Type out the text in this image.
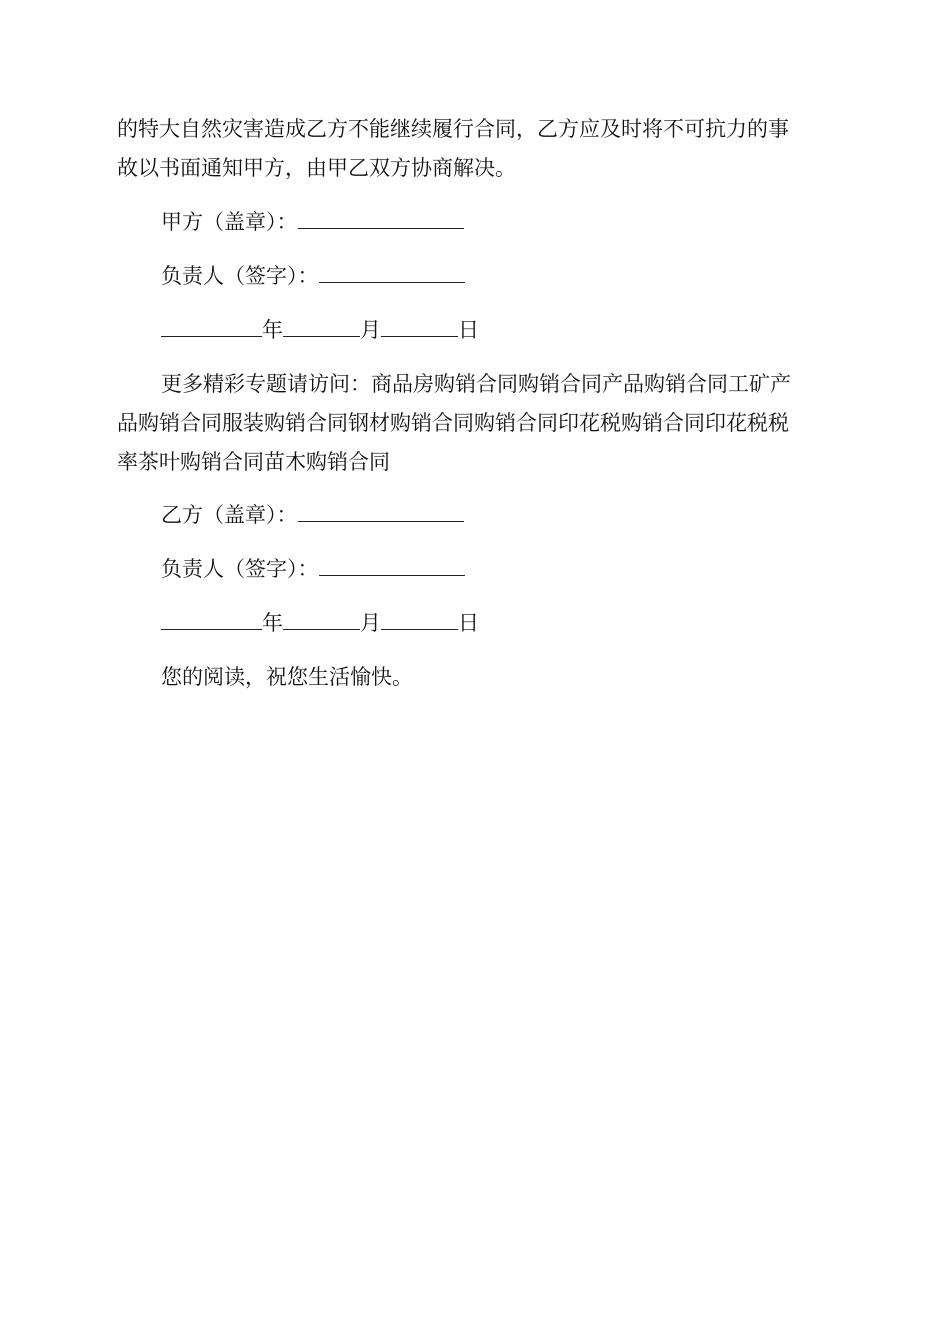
的特大自然灾害造成乙方不能继续履行合同，乙方应及时将不可抗力的事
故以书面通知甲方，由甲乙双方协商解决。
甲方（盖章）：
负责人（签字）：
年	月	日
更多精彩专题请访问：商品房购销合同购销合同产品购销合同工矿产
品购销合同服装购销合同钢材购销合同购销合同印花税购销合同印花税税
率茶叶购销合同苗木购销合同
乙方（盖章）：
负责人（签字）：
年	月	日
您的阅读，祝您生活愉快。
